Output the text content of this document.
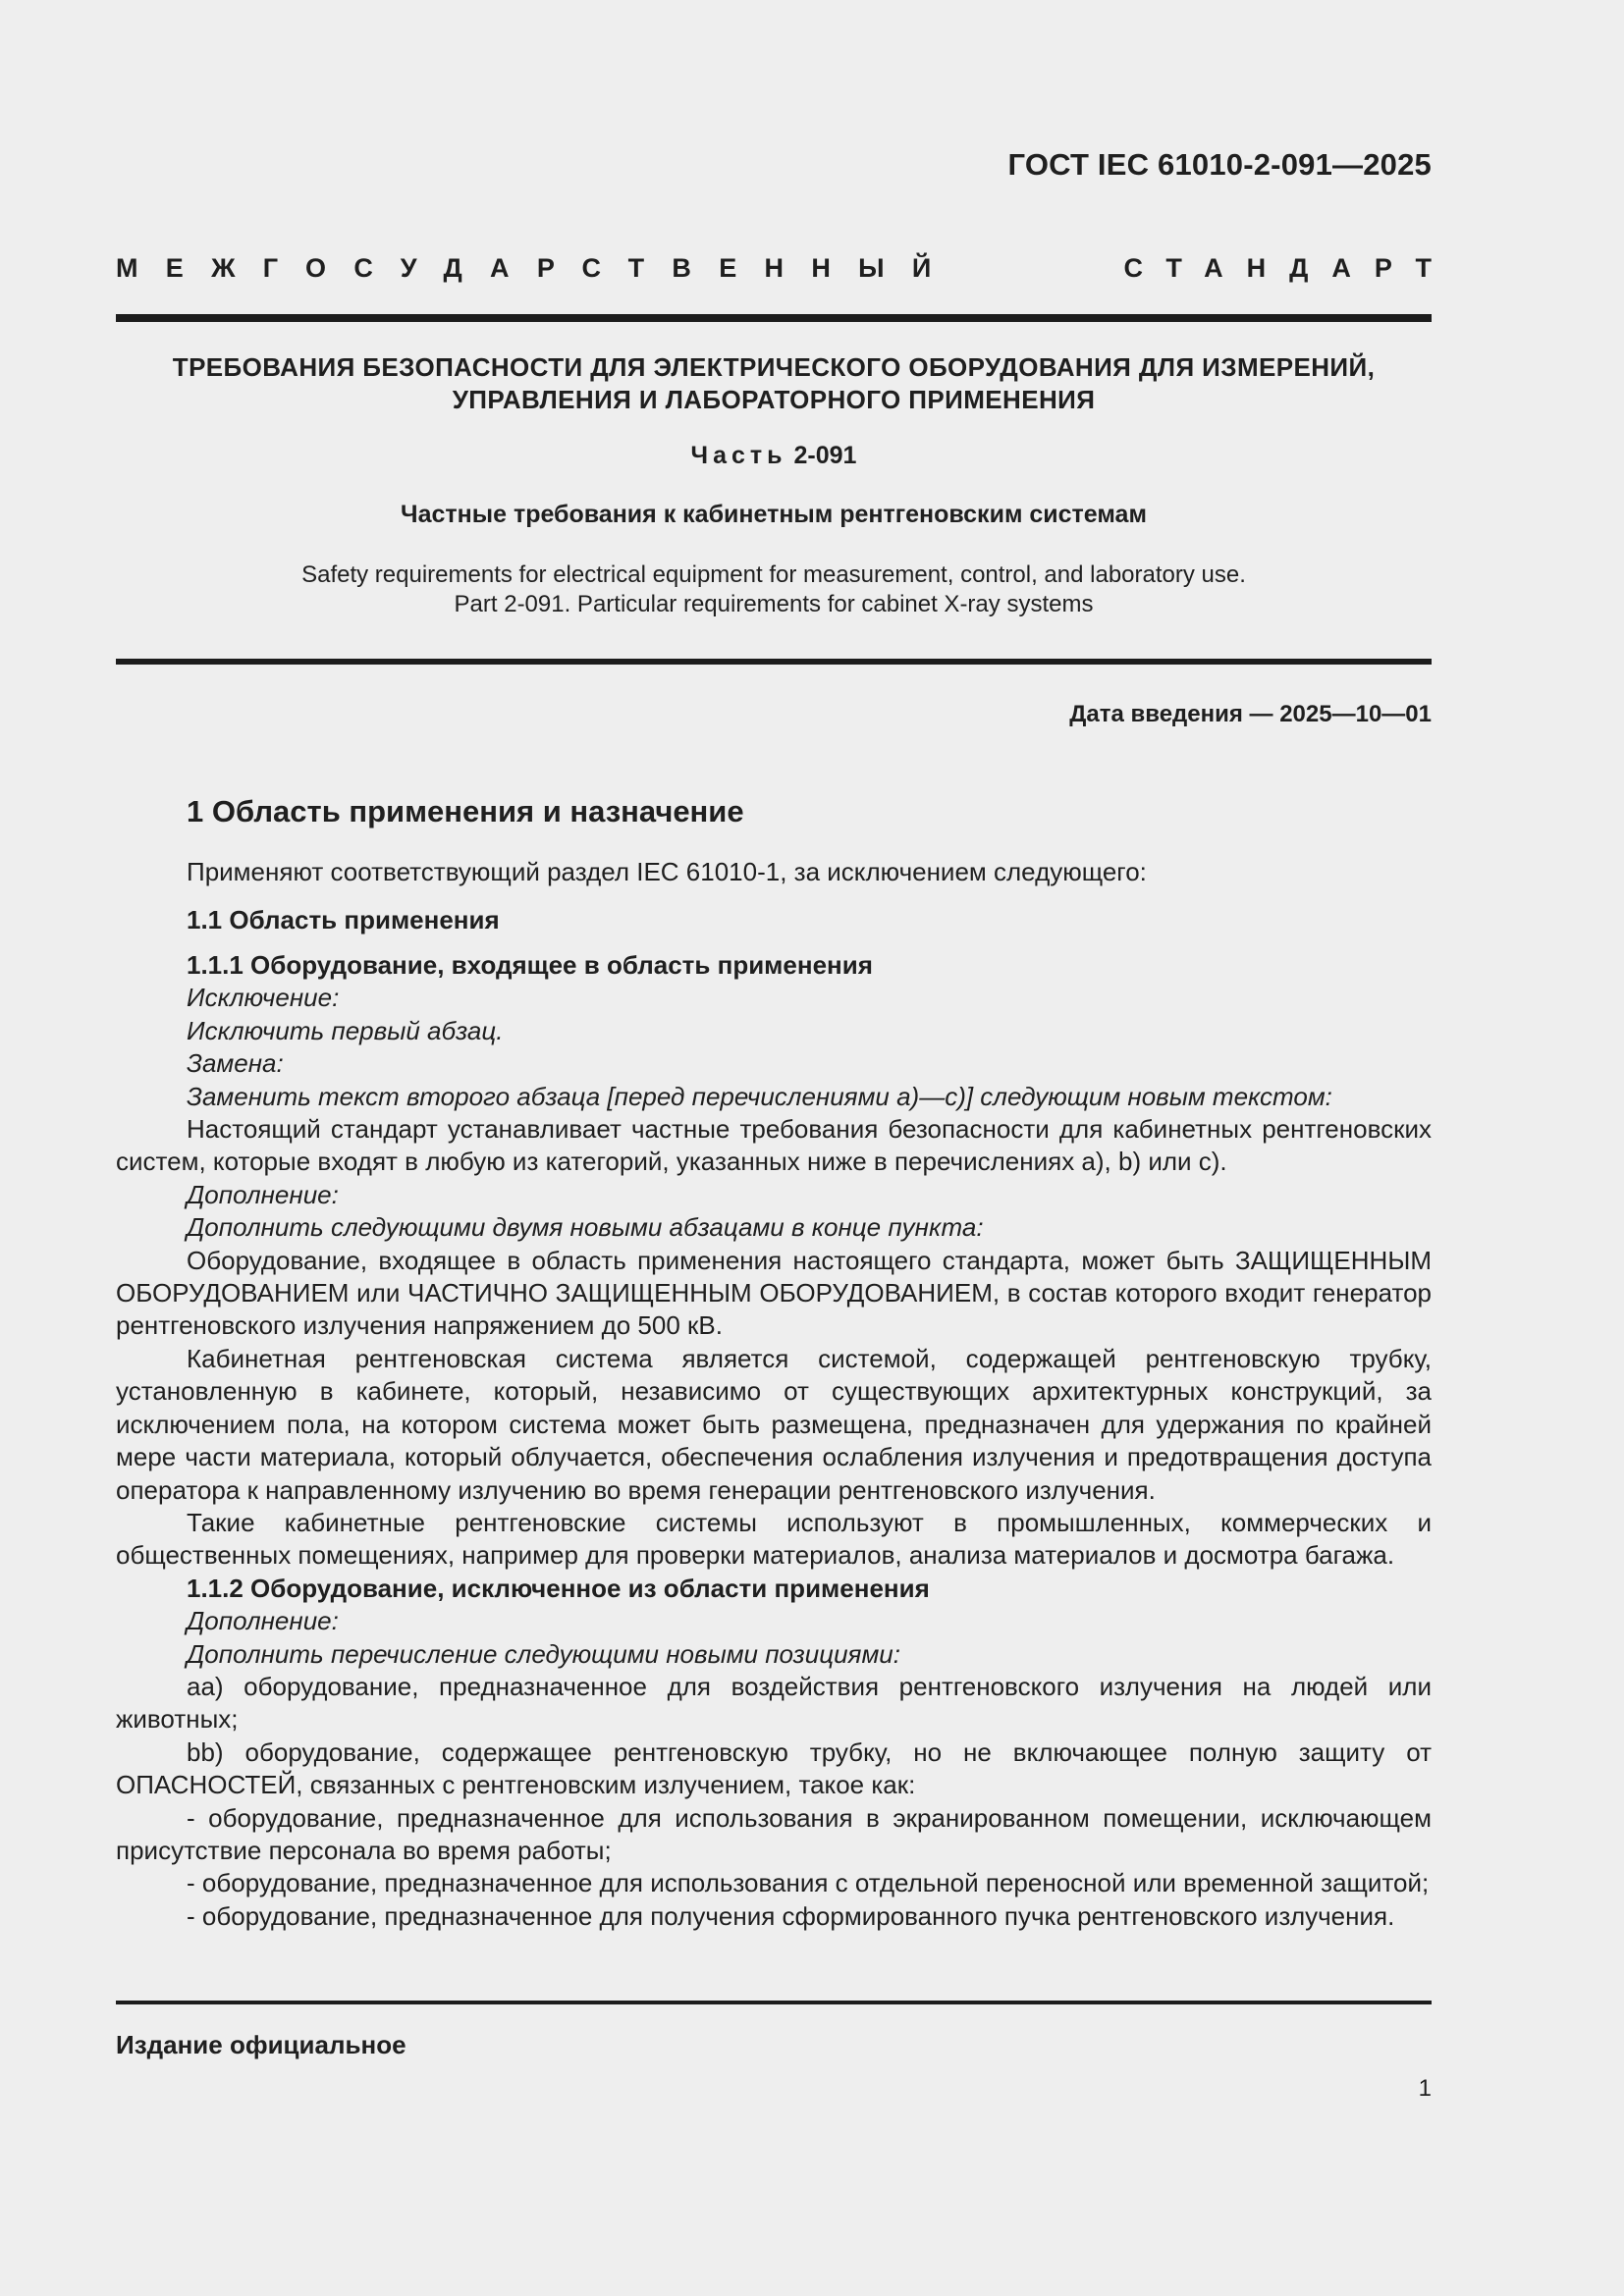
ГОСТ IEC 61010-2-091—2025
МЕЖГОСУДАРСТВЕННЫЙ	СТАНДАРТ
ТРЕБОВАНИЯ БЕЗОПАСНОСТИ ДЛЯ ЭЛЕКТРИЧЕСКОГО ОБОРУДОВАНИЯ ДЛЯ ИЗМЕРЕНИЙ,
УПРАВЛЕНИЯ И ЛАБОРАТОРНОГО ПРИМЕНЕНИЯ
Часть 2-091
Частные требования к кабинетным рентгеновским системам
Safety requirements for electrical equipment for measurement, control, and laboratory use.
Part 2-091. Particular requirements for cabinet X-ray systems
Дата введения — 2025—10—01
1 Область применения и назначение
Применяют соответствующий раздел IEC 61010-1, за исключением следующего:
1.1 Область применения
1.1.1 Оборудование, входящее в область применения

Исключение:

Исключить первый абзац.

Замена:

Заменить текст второго абзаца [перед перечислениями a)—c)] следующим новым текстом:

Настоящий стандарт устанавливает частные требования безопасности для кабинетных рентгеновских систем, которые входят в любую из категорий, указанных ниже в перечислениях a), b) или c).

Дополнение:

Дополнить следующими двумя новыми абзацами в конце пункта:

Оборудование, входящее в область применения настоящего стандарта, может быть ЗАЩИЩЕННЫМ ОБОРУДОВАНИЕМ или ЧАСТИЧНО ЗАЩИЩЕННЫМ ОБОРУДОВАНИЕМ, в состав которого входит генератор рентгеновского излучения напряжением до 500 кВ.

Кабинетная рентгеновская система является системой, содержащей рентгеновскую трубку, установленную в кабинете, который, независимо от существующих архитектурных конструкций, за исключением пола, на котором система может быть размещена, предназначен для удержания по крайней мере части материала, который облучается, обеспечения ослабления излучения и предотвращения доступа оператора к направленному излучению во время генерации рентгеновского излучения.

Такие кабинетные рентгеновские системы используют в промышленных, коммерческих и общественных помещениях, например для проверки материалов, анализа материалов и досмотра багажа.

1.1.2 Оборудование, исключенное из области применения

Дополнение:

Дополнить перечисление следующими новыми позициями:

aa) оборудование, предназначенное для воздействия рентгеновского излучения на людей или животных;

bb) оборудование, содержащее рентгеновскую трубку, но не включающее полную защиту от ОПАСНОСТЕЙ, связанных с рентгеновским излучением, такое как:

- оборудование, предназначенное для использования в экранированном помещении, исключающем присутствие персонала во время работы;

- оборудование, предназначенное для использования с отдельной переносной или временной защитой;

- оборудование, предназначенное для получения сформированного пучка рентгеновского излучения.

Издание официальное
1
